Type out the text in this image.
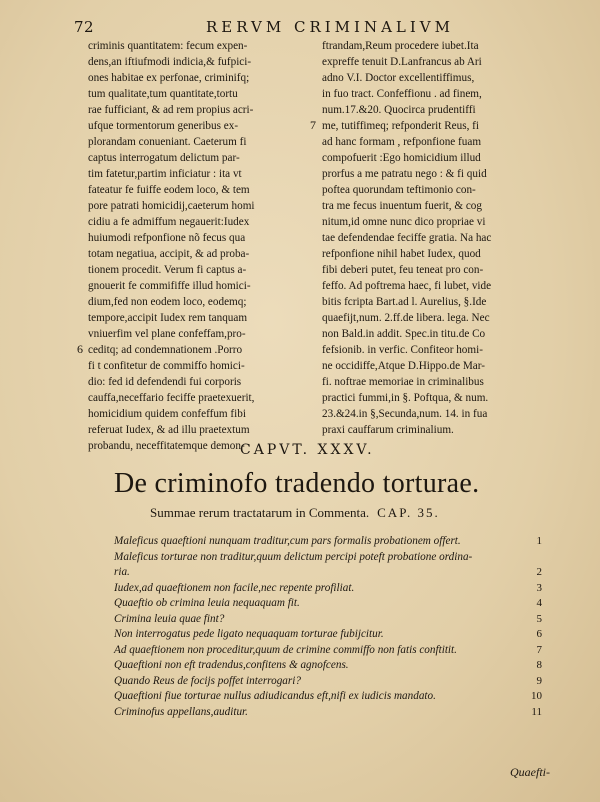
72	RERVM CRIMINALIVM
criminis quantitatem: fecum expen-
dens,an iftiufmodi indicia,& fufpici-
ones habitae ex perfonae, criminifq;
tum qualitate,tum quantitate,tortu
rae fufficiant, & ad rem propius acri-
ufque tormentorum generibus ex-
plorandam conueniant. Caeterum fi
captus interrogatum delictum par-
tim fatetur,partim inficiatur : ita vt
fateatur fe fuiffe eodem loco, & tem
pore patrati homicidij,caeterum homi
cidiu a fe admiffum negauerit:Iudex
huiumodi refponfione nõ fecus qua
totam negatiua, accipit, & ad proba-
tionem procedit. Verum fi captus a-
gnouerit fe commififfe illud homici-
dium,fed non eodem loco, eodemq;
tempore,accipit Iudex rem tanquam
vniuerfim vel plane confeffam,pro-
ceditq; ad condemnationem .Porro
fi t confitetur de commiffo homici-
dio: fed id defendendi fui corporis
cauffa,neceffario feciffe praetexuerit,
homicidium quidem confeffum fibi
referuat Iudex, & ad illu praetextum
probandu, neceffitatemque demon-
ftrandam,Reum procedere iubet.Ita
expreffe tenuit D.Lanfrancus ab Ari
adno V.I. Doctor excellentiffimus,
in fuo tract. Confeffionu . ad finem,
num.17.&20. Quocirca prudentiffi
me, tutiffimeq; refponderit Reus, fi
ad hanc formam , refponfione fuam
compofuerit :Ego homicidium illud
prorfus a me patratu nego : & fi quid
poftea quorundam teftimonio con-
tra me fecus inuentum fuerit, & cog
nitum,id omne nunc dico propriae vi
tae defendendae feciffe gratia. Na hac
refponfione nihil habet Iudex, quod
fibi deberi putet, feu teneat pro con-
feffo. Ad poftrema haec, fi lubet, vide
bitis fcripta Bart.ad l. Aurelius, §.Ide
quaefijt,num. 2.ff.de libera. lega. Nec
non Bald.in addit. Spec.in titu.de Co
fefsionib. in verfic. Confiteor homi-
ne occidiffe,Atque D.Hippo.de Mar-
fi. noftrae memoriae in criminalibus
practici fummi,in §. Poftqua, & num.
23.&24.in §,Secunda,num. 14. in fua
praxi cauffarum criminalium.
7
6
CAPVT. XXXV.
De criminofo tradendo torturae.
Summae rerum tractatarum in Commenta. CAP. 35.
Maleficus quaeftioni nunquam traditur,cum pars formalis probationem offert.	1
Maleficus torturae non traditur,quum delictum percipi poteft probatione ordina-
ria.	2
Iudex,ad quaeftionem non facile,nec repente profiliat.	3
Quaeftio ob crimina leuia nequaquam fit.	4
Crimina leuia quae fint?	5
Non interrogatus pede ligato nequaquam torturae fubijcitur.	6
Ad quaeftionem non proceditur,quum de crimine commiffo non fatis conftitit.	7
Quaeftioni non eft tradendus,confitens & agnofcens.	8
Quando Reus de focijs poffet interrogari?	9
Quaeftioni fiue torturae nullus adiudicandus eft,nifi ex iudicis mandato.	10
Criminofus appellans,auditur.	11
Quaefti-
